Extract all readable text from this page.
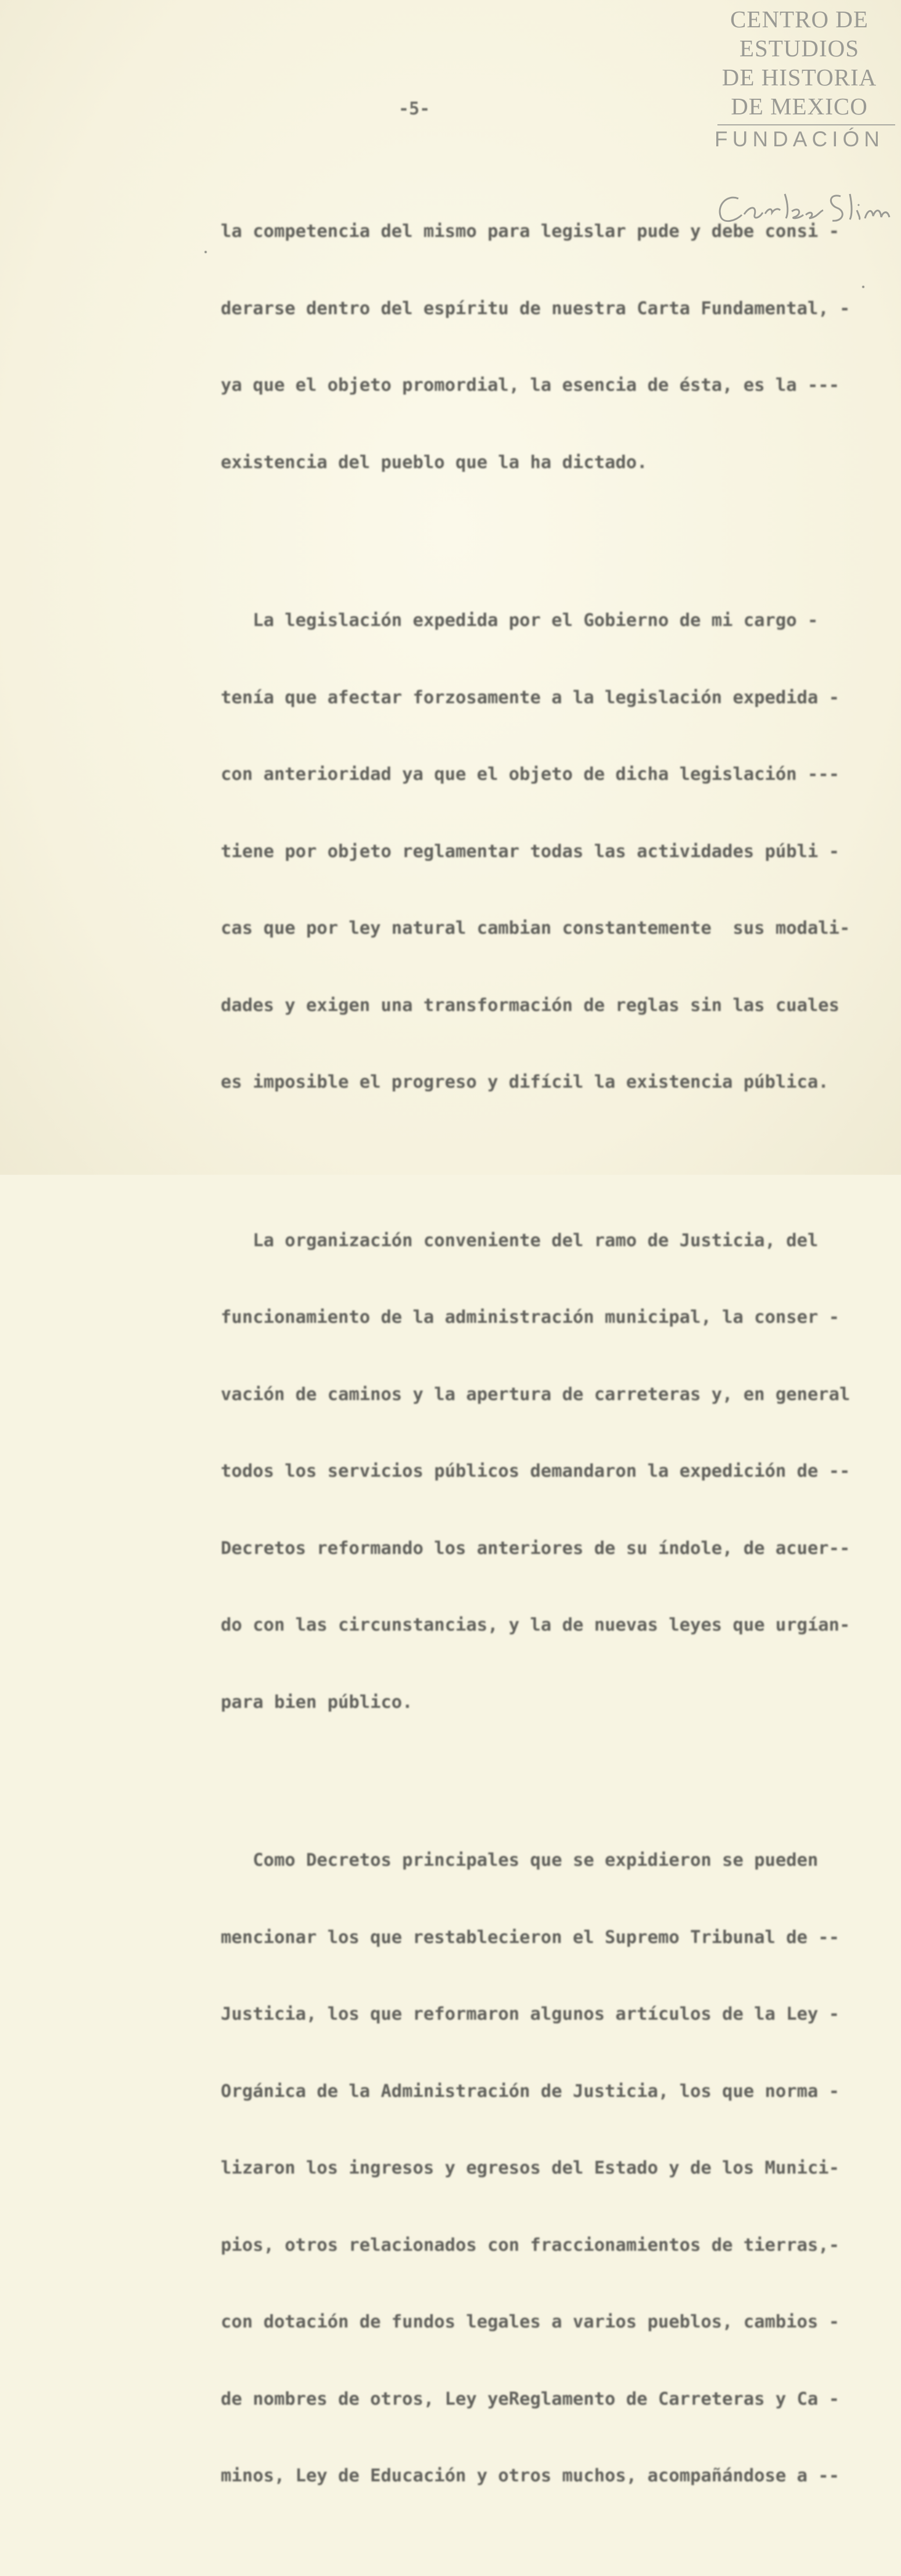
CENTRO DE
ESTUDIOS
DE HISTORIA
DE MEXICO
FUNDACIÓN
-5-

la competencia del mismo para legislar pude y debe consi -

derarse dentro del espíritu de nuestra Carta Fundamental, -

ya que el objeto promordial, la esencia de ésta, es la ---

existencia del pueblo que la ha dictado.

La legislación expedida por el Gobierno de mi cargo -

tenía que afectar forzosamente a la legislación expedida -

con anterioridad ya que el objeto de dicha legislación ---

tiene por objeto reglamentar todas las actividades públi -

cas que por ley natural cambian constantemente  sus modali-

dades y exigen una transformación de reglas sin las cuales

es imposible el progreso y difícil la existencia pública.

La organización conveniente del ramo de Justicia, del

funcionamiento de la administración municipal, la conser -

vación de caminos y la apertura de carreteras y, en general

todos los servicios públicos demandaron la expedición de --

Decretos reformando los anteriores de su índole, de acuer--

do con las circunstancias, y la de nuevas leyes que urgían-

para bien público.

Como Decretos principales que se expidieron se pueden

mencionar los que restablecieron el Supremo Tribunal de --

Justicia, los que reformaron algunos artículos de la Ley -

Orgánica de la Administración de Justicia, los que norma -

lizaron los ingresos y egresos del Estado y de los Munici-

pios, otros relacionados con fraccionamientos de tierras,-

con dotación de fundos legales a varios pueblos, cambios -

de nombres de otros, Ley yeReglamento de Carreteras y Ca -

minos, Ley de Educación y otros muchos, acompañándose a --
